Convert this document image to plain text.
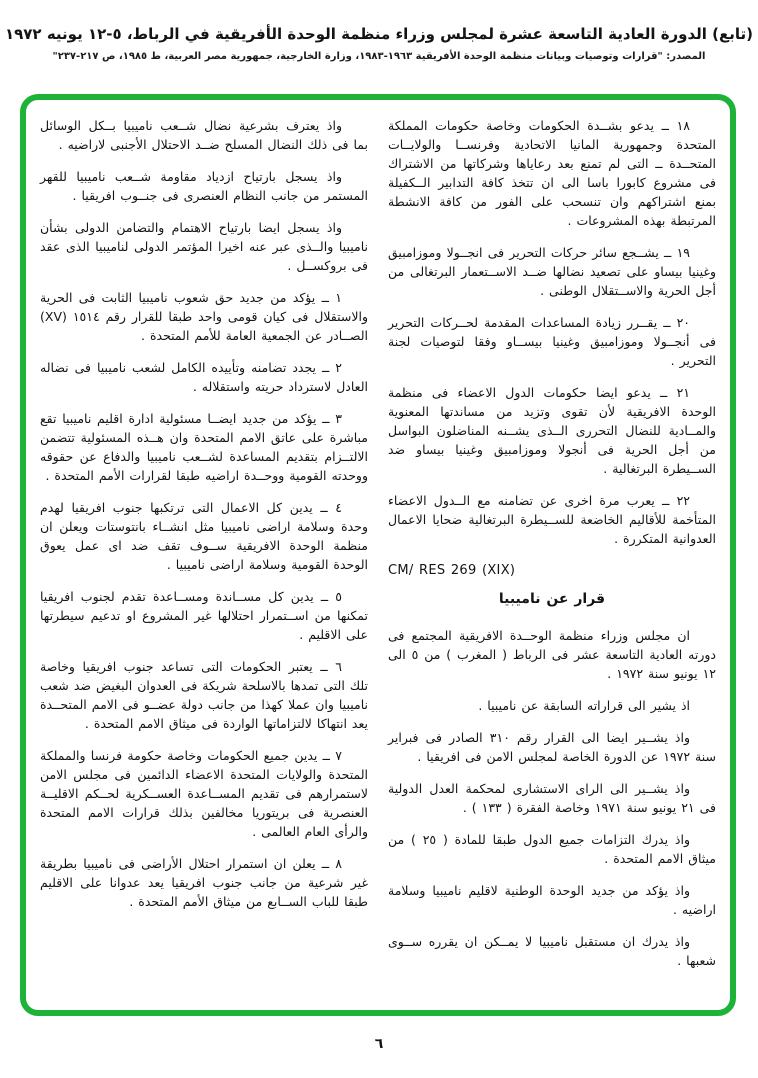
(تابع) الدورة العادية التاسعة عشرة لمجلس وزراء منظمة الوحدة الأفريقية في الرباط، ٥-١٢ يونيه ١٩٧٢
المصدر: "قرارات وتوصيات وبيانات منظمة الوحدة الأفريقية ١٩٦٣-١٩٨٣، وزارة الخارجية، جمهورية مصر العربية، ط ١٩٨٥، ص ٢١٧-٢٣٧"

١٨ ــ يدعو بشــدة الحكومات وخاصة حكومات المملكة المتحدة وجمهورية المانيا الاتحادية وفرنســا والولايــات المتحــدة ــ التى لم تمنع بعد رعاياها وشركاتها من الاشتراك فى مشروع كابورا باسا الى ان تتخذ كافة التدابير الــكفيلة بمنع اشتراكهم وان تنسحب على الفور من كافة الانشطة المرتبطة بهذه المشروعات .

١٩ ــ يشــجع سائر حركات التحرير فى انجــولا وموزامبيق وغينيا بيساو على تصعيد نضالها ضــد الاســتعمار البرتغالى من أجل الحرية والاســتقلال الوطنى .

٢٠ ــ يقــرر زيادة المساعدات المقدمة لحــركات التحرير فى أنجــولا وموزامبيق وغينيا بيســاو وفقا لتوصيات لجنة التحرير .

٢١ ــ يدعو ايضا حكومات الدول الاعضاء فى منظمة الوحدة الافريقية لأن تقوى وتزيد من مساندتها المعنوية والمــادية للنضال التحررى الــذى يشــنه المناضلون البواسل من أجل الحرية فى أنجولا وموزامبيق وغينيا بيساو ضد الســيطرة البرتغالية .

٢٢ ــ يعرب مرة اخرى عن تضامنه مع الــدول الاعضاء المتأخمة للأقاليم الخاضعة للســيطرة البرتغالية ضحايا الاعمال العدوانية المتكررة .

CM/ RES 269 (XIX)

قرار عن ناميبيا

ان مجلس وزراء منظمة الوحــدة الافريقية المجتمع فى دورته العادية التاسعة عشر فى الرباط ( المغرب ) من ٥ الى ١٢ يونيو سنة ١٩٧٢ .

اذ يشير الى قراراته السابقة عن ناميبيا .

واذ يشــير ايضا الى القرار رقم ٣١٠ الصادر فى فبراير سنة ١٩٧٢ عن الدورة الخاصة لمجلس الامن فى افريقيا .

واذ يشــير الى الراى الاستشارى لمحكمة العدل الدولية فى ٢١ يونيو سنة ١٩٧١ وخاصة الفقرة ( ١٣٣ ) .

واذ يدرك التزامات جميع الدول طبقا للمادة ( ٢٥ ) من ميثاق الامم المتحدة .

واذ يؤكد من جديد الوحدة الوطنية لاقليم ناميبيا وسلامة اراضيه .

واذ يدرك ان مستقبل ناميبيا لا يمــكن ان يقرره ســوى شعبها .

واذ يعترف بشرعية نضال شــعب ناميبيا بــكل الوسائل بما فى ذلك النضال المسلح ضــد الاحتلال الأجنبى لاراضيه .

واذ يسجل بارتياح ازدياد مقاومة شــعب ناميبيا للقهر المستمر من جانب النظام العنصرى فى جنــوب افريقيا .

واذ يسجل ايضا بارتياح الاهتمام والتضامن الدولى بشأن ناميبيا والــذى عبر عنه اخيرا المؤتمر الدولى لناميبيا الذى عقد فى بروكســل .

١ ــ يؤكد من جديد حق شعوب ناميبيا الثابت فى الحرية والاستقلال فى كيان قومى واحد طبقا للقرار رقم ١٥١٤ (XV) الصــادر عن الجمعية العامة للأمم المتحدة .

٢ ــ يجدد تضامنه وتأييده الكامل لشعب ناميبيا فى نضاله العادل لاسترداد حريته واستقلاله .

٣ ــ يؤكد من جديد ايضــا مسئولية ادارة اقليم ناميبيا تقع مباشرة على عاتق الامم المتحدة وان هــذه المسئولية تتضمن الالتــزام بتقديم المساعدة لشــعب ناميبيا والدفاع عن حقوقه ووحدته القومية ووحــدة اراضيه طبقا لقرارات الأمم المتحدة .

٤ ــ يدين كل الاعمال التى ترتكبها جنوب افريقيا لهدم وحدة وسلامة اراضى ناميبيا مثل انشــاء بانتوستات ويعلن ان منظمة الوحدة الافريقية ســوف تقف ضد اى عمل يعوق الوحدة القومية وسلامة اراضى ناميبيا .

٥ ــ يدين كل مســاندة ومســاعدة تقدم لجنوب افريقيا تمكنها من اســتمرار احتلالها غير المشروع او تدعيم سيطرتها على الاقليم .

٦ ــ يعتبر الحكومات التى تساعد جنوب افريقيا وخاصة تلك التى تمدها بالاسلحة شريكة فى العدوان البغيض ضد شعب ناميبيا وان عملا كهذا من جانب دولة عضــو فى الامم المتحــدة يعد انتهاكا لالتزاماتها الواردة فى ميثاق الامم المتحدة .

٧ ــ يدين جميع الحكومات وخاصة حكومة فرنسا والمملكة المتحدة والولايات المتحدة الاعضاء الدائمين فى مجلس الامن لاستمرارهم فى تقديم المســاعدة العســكرية لحــكم الاقليــة العنصرية فى بريتوريا مخالفين بذلك قرارات الامم المتحدة والرأى العام العالمى .

٨ ــ يعلن ان استمرار احتلال الأراضى فى ناميبيا بطريقة غير شرعية من جانب جنوب افريقيا يعد عدوانا على الاقليم طبقا للباب الســابع من ميثاق الأمم المتحدة .

٦
